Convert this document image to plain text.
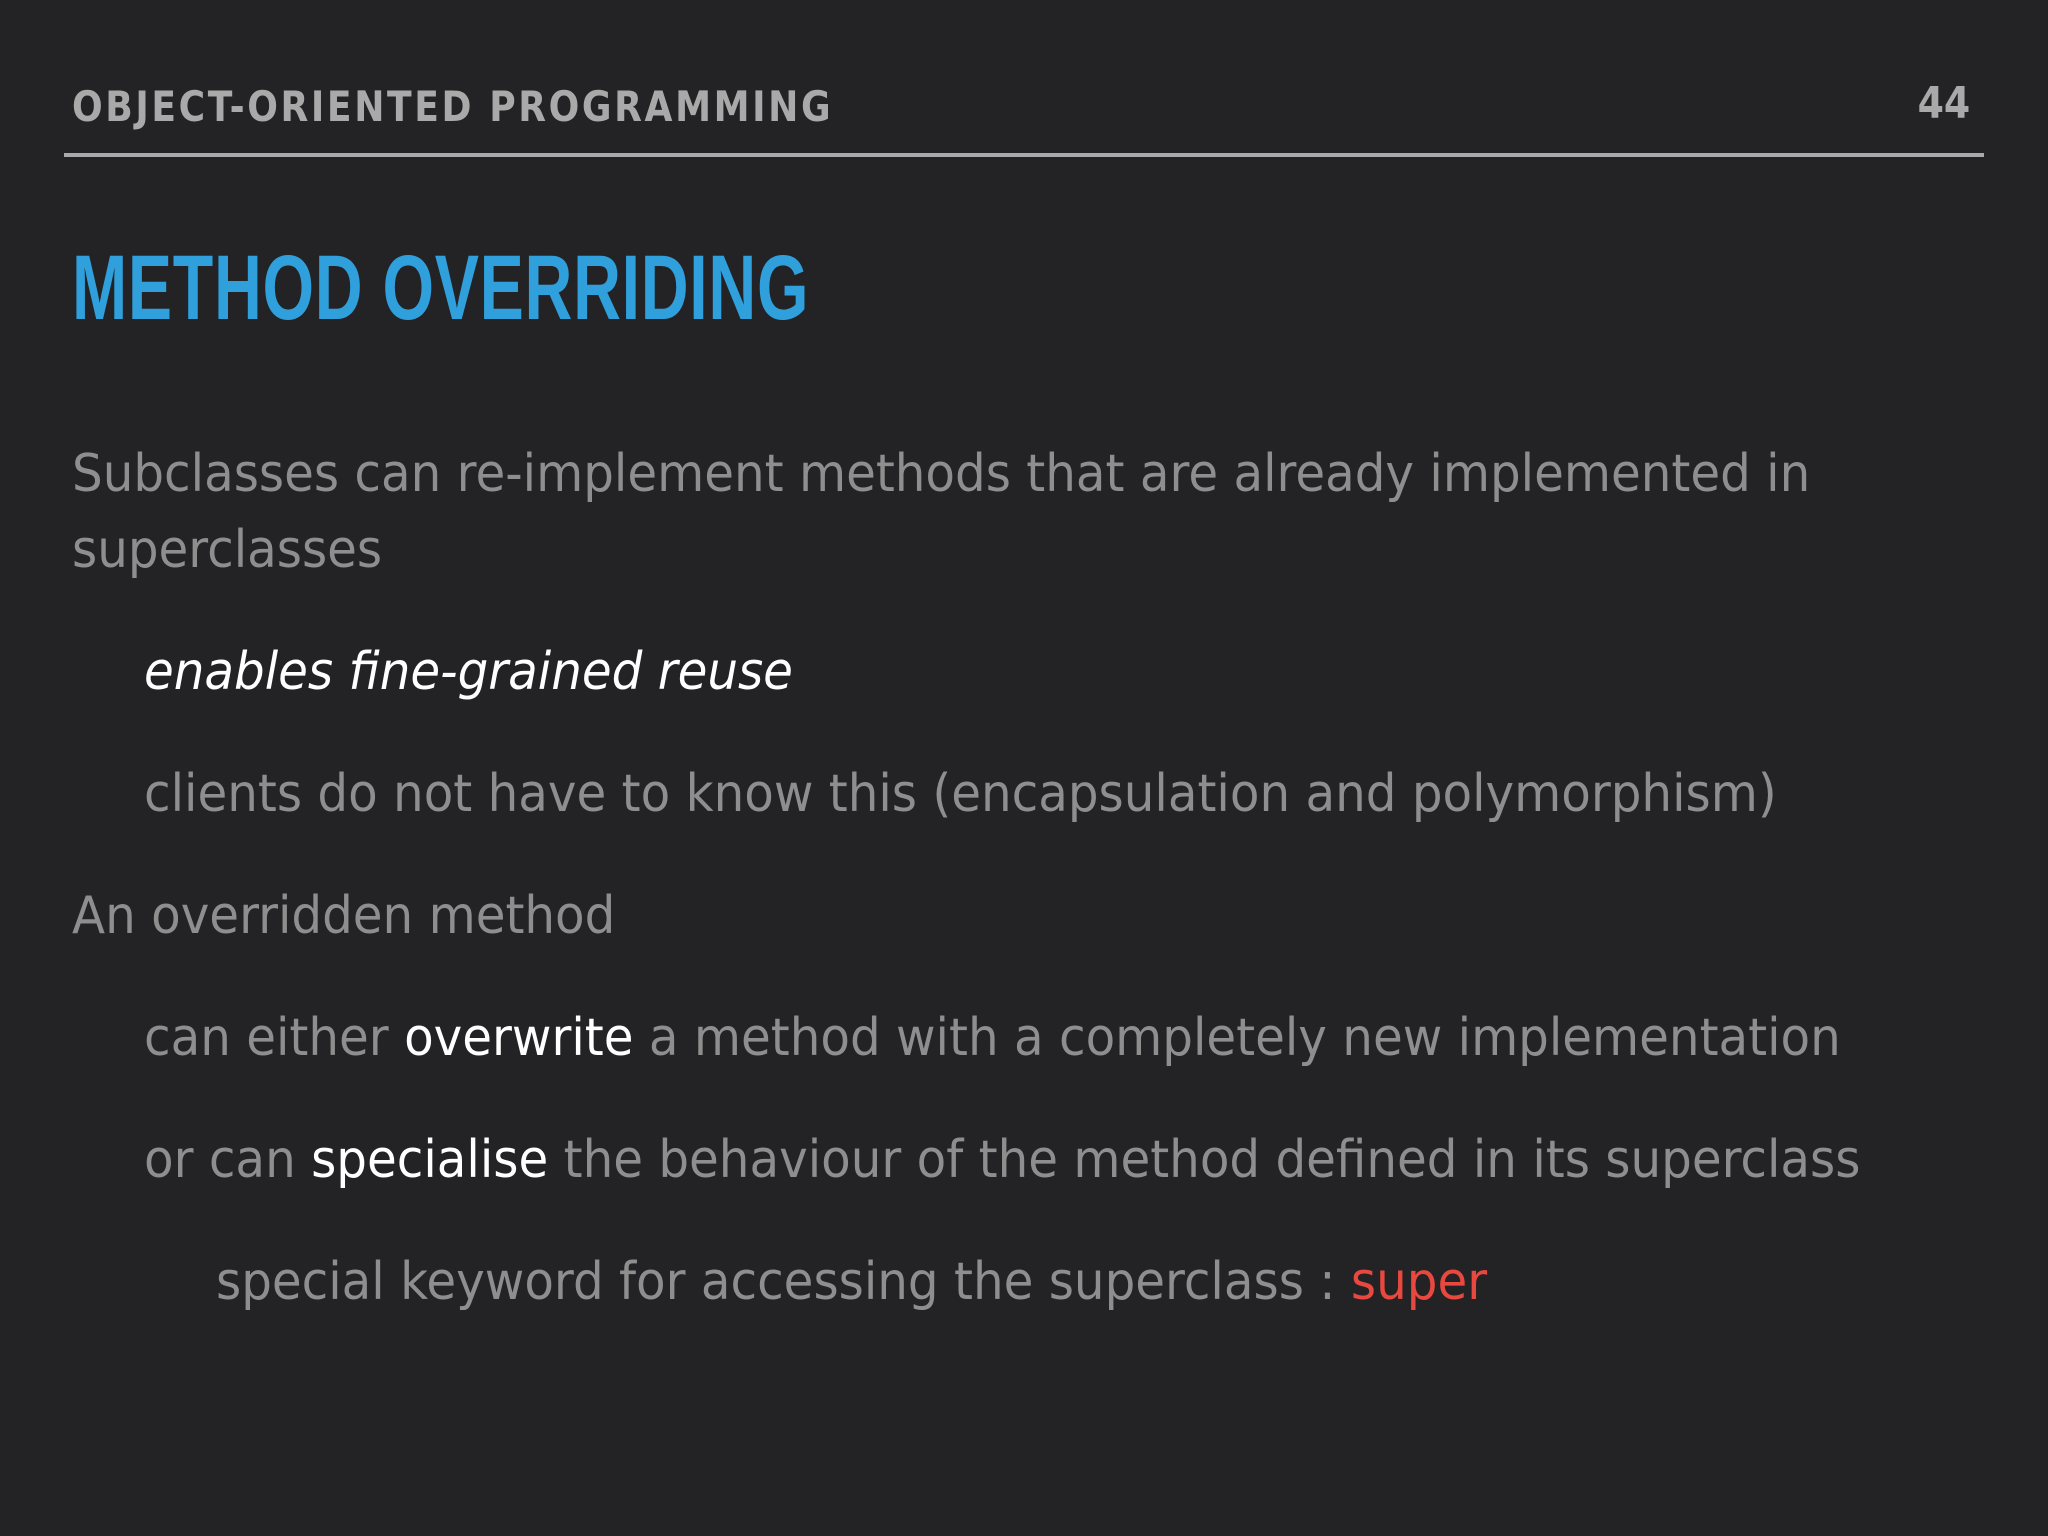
OBJECT-ORIENTED PROGRAMMING	44
METHOD OVERRIDING
Subclasses can re-implement methods that are already implemented in
superclasses
enables fine-grained reuse
clients do not have to know this (encapsulation and polymorphism)
An overridden method
can either overwrite a method with a completely new implementation
or can specialise the behaviour of the method defined in its superclass
special keyword for accessing the superclass : super
